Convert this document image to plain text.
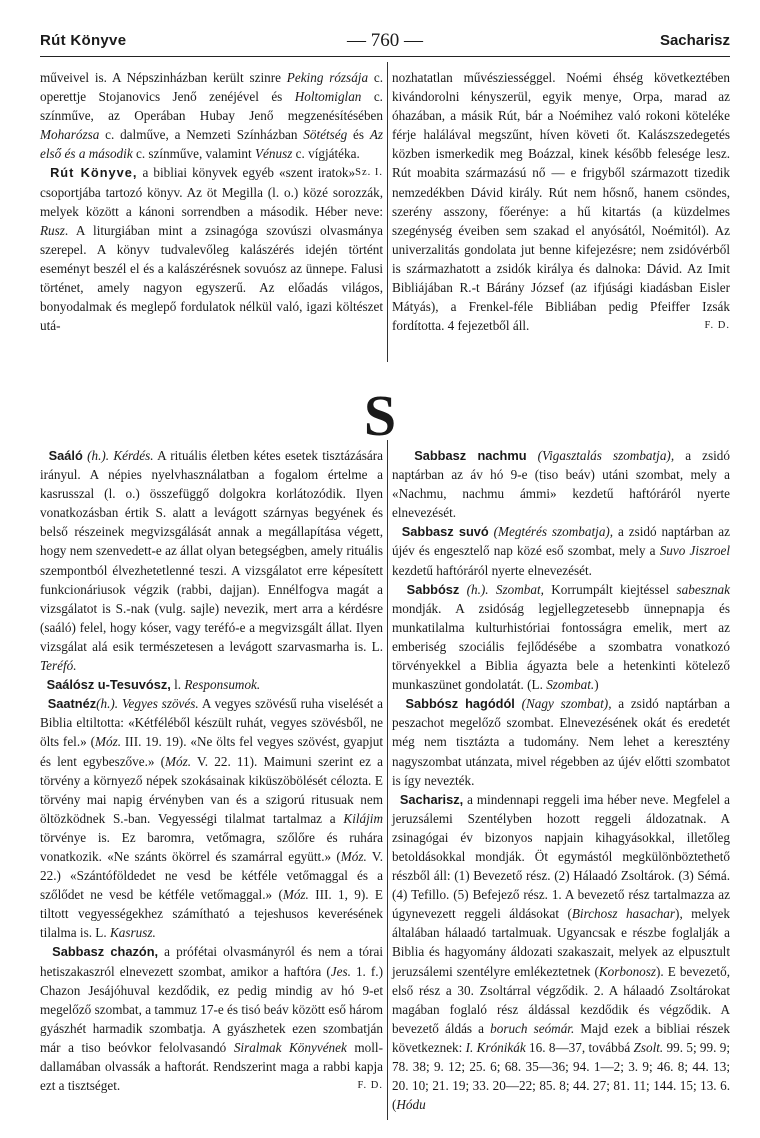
Rút Könyve	— 760 —	Sacharisz

műveivel is. A Népszinházban került szinre Peking rózsája c. operettje Stojanovics Jenő zenéjével és Holtomiglan c. színműve, az Operában Hubay Jenő megzenésítésében Moharózsa c. dalműve, a Nemzeti Színházban Sötétség és Az első és a második c. színműve, valamint Vénusz c. vígjátéka.
Sz. I.

Rút Könyve, a bibliai könyvek egyéb «szent iratok» csoportjába tartozó könyv. Az öt Megilla (l. o.) közé sorozzák, melyek között a kánoni sorrendben a második. Héber neve: Rusz. A liturgiában mint a zsinagóga szovúszi olvasmánya szerepel. A könyv tudvalevőleg kalászérés idején történt eseményt beszél el és a kalászérésnek sovuósz az ünnepe. Falusi történet, amely nagyon egyszerű. Az előadás világos, bonyodalmak és meglepő fordulatok nélkül való, igazi költészet utá-

nozhatatlan művésziességgel. Noémi éhség következtében kivándorolni kényszerül, egyik menye, Orpa, marad az óhazában, a másik Rút, bár a Noémihez való rokoni köteléke férje halálával megszűnt, híven követi őt. Kalászszedegetés közben ismerkedik meg Boázzal, kinek később felesége lesz. Rút moabita származású nő — e frigyből származott tizedik nemzedékben Dávid király. Rút nem hősnő, hanem csöndes, szerény asszony, főerénye: a hű kitartás (a küzdelmes szegénység éveiben sem szakad el anyósától, Noémitól). Az univerzalitás gondolata jut benne kifejezésre; nem zsidóvérből is származhatott a zsidók királya és dalnoka: Dávid. Az Imit Bibliájában R.-t Bárány József (az ifjúsági kiadásban Eisler Mátyás), a Frenkel-féle Bibliában pedig Pfeiffer Izsák fordította. 4 fejezetből áll.	F. D.

S

Saáló (h.). Kérdés. A rituális életben kétes esetek tisztázására irányul. A népies nyelvhasználatban a fogalom értelme a kasrusszal (l. o.) összefüggő dolgokra korlátozódik. Ilyen vonatkozásban értik S. alatt a levágott szárnyas begyének és belső részeinek megvizsgálását annak a megállapítása végett, hogy nem szenvedett-e az állat olyan betegségben, amely rituális szempontból élvezhetetlenné teszi. A vizsgálatot erre képesített funkcionáriusok végzik (rabbi, dajjan). Ennélfogva magát a vizsgálatot is S.-nak (vulg. sajle) nevezik, mert arra a kérdésre (saáló) felel, hogy kóser, vagy teréfó-e a megvizsgált állat. Ilyen vizsgálat alá esik természetesen a levágott szarvasmarha is. L. Teréfó.

Saálósz u-Tesuvósz, l. Responsumok.

Saatnéz(h.). Vegyes szövés. A vegyes szövésű ruha viselését a Biblia eltiltotta: «Kétféléből készült ruhát, vegyes szövésből, ne ölts fel.» (Móz. III. 19. 19). «Ne ölts fel vegyes szövést, gyapjut és lent egybeszőve.» (Móz. V. 22. 11). Maimuni szerint ez a törvény a környező népek szokásainak kiküszöbölését célozta. E törvény mai napig érvényben van és a szigorú ritusuak nem öltözködnek S.-ban. Vegyességi tilalmat tartalmaz a Kilájim törvénye is. Ez baromra, vetőmagra, szőlőre és ruhára vonatkozik. «Ne szánts ökörrel és szamárral együtt.» (Móz. V. 22.) «Szántóföldedet ne vesd be kétféle vetőmaggal és a szőlődet ne vesd be kétféle vetőmaggal.» (Móz. III. 1, 9). E tiltott vegyességekhez számítható a tejeshusos keverésének tilalma is. L. Kasrusz.

Sabbasz chazón, a prófétai olvasmányról és nem a tórai hetiszakaszról elnevezett szombat, amikor a haftóra (Jes. 1. f.) Chazon Jesájóhuval kezdődik, ez pedig mindig av hó 9-et megelőző szombat, a tammuz 17-e és tisó beáv között eső három gyászhét harmadik szombatja. A gyászhetek ezen szombatján már a tiso beóvkor felolvasandó Siralmak Könyvének moll-dallamában olvassák a haftorát. Rendszerint maga a rabbi kapja ezt a tisztséget.	F. D.

Sabbasz nachmu (Vigasztalás szombatja), a zsidó naptárban az áv hó 9-e (tiso beáv) utáni szombat, mely a «Nachmu, nachmu ámmi» kezdetű haftóráról nyerte elnevezését.

Sabbasz suvó (Megtérés szombatja), a zsidó naptárban az újév és engesztelő nap közé eső szombat, mely a Suvo Jiszroel kezdetű haftóráról nyerte elnevezését.

Sabbósz (h.). Szombat, Korrumpált kiejtéssel sabesznak mondják. A zsidóság legjellegzetesebb ünnepnapja és munkatilalma kulturhistóriai fontosságra emelik, mert az emberiség szociális fejlődésébe a szombatra vonatkozó törvényekkel a Biblia ágyazta bele a hetenkinti kötelező munkaszünet gondolatát. (L. Szombat.)

Sabbósz hagódól (Nagy szombat), a zsidó naptárban a peszachot megelőző szombat. Elnevezésének okát és eredetét még nem tisztázta a tudomány. Nem lehet a keresztény nagyszombat utánzata, mivel régebben az újév előtti szombatot is így nevezték.

Sacharisz, a mindennapi reggeli ima héber neve. Megfelel a jeruzsálemi Szentélyben hozott reggeli áldozatnak. A zsinagógai év bizonyos napjain kihagyásokkal, illetőleg betoldásokkal mondják. Öt egymástól megkülönböztethető részből áll: (1) Bevezető rész. (2) Hálaadó Zsoltárok. (3) Sémá. (4) Tefillo. (5) Befejező rész. 1. A bevezető rész tartalmazza az úgynevezett reggeli áldásokat (Birchosz hasachar), melyek általában hálaadó tartalmuak. Ugyancsak e részbe foglalják a Biblia és hagyomány áldozati szakaszait, melyek az elpusztult jeruzsálemi szentélyre emlékeztetnek (Korbonosz). E bevezető, első rész a 30. Zsoltárral végződik. 2. A hálaadó Zsoltárokat magában foglaló rész áldással kezdődik és végződik. A bevezető áldás a boruch seómár. Majd ezek a bibliai részek következnek: I. Krónikák 16. 8—37, továbbá Zsolt. 99. 5; 99. 9; 78. 38; 9. 12; 25. 6; 68. 35—36; 94. 1—2; 3. 9; 46. 8; 44. 13; 20. 10; 21. 19; 33. 20—22; 85. 8; 44. 27; 81. 11; 144. 15; 13. 6. (Hódu
